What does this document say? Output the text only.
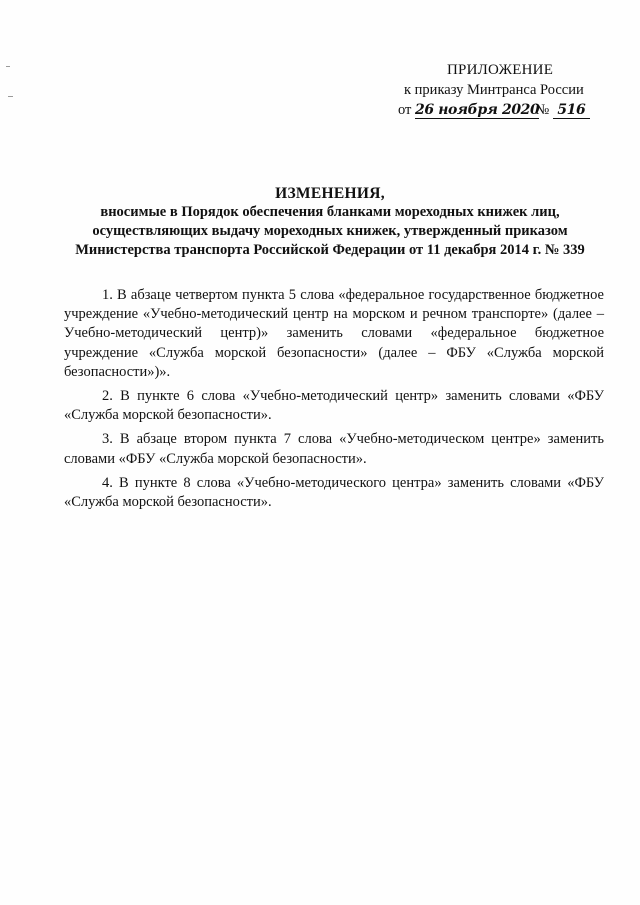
ПРИЛОЖЕНИЕ
к приказу Минтранса России
от 26 ноября 2020№ 516
ИЗМЕНЕНИЯ,
вносимые в Порядок обеспечения бланками мореходных книжек лиц,
осуществляющих выдачу мореходных книжек, утвержденный приказом
Министерства транспорта Российской Федерации от 11 декабря 2014 г. № 339

1. В абзаце четвертом пункта 5 слова «федеральное государственное бюджетное учреждение «Учебно-методический центр на морском и речном транспорте» (далее – Учебно-методический центр)» заменить словами «федеральное бюджетное учреждение «Служба морской безопасности» (далее – ФБУ «Служба морской безопасности»)».

2. В пункте 6 слова «Учебно-методический центр» заменить словами «ФБУ «Служба морской безопасности».

3. В абзаце втором пункта 7 слова «Учебно-методическом центре» заменить словами «ФБУ «Служба морской безопасности».

4. В пункте 8 слова «Учебно-методического центра» заменить словами «ФБУ «Служба морской безопасности».
